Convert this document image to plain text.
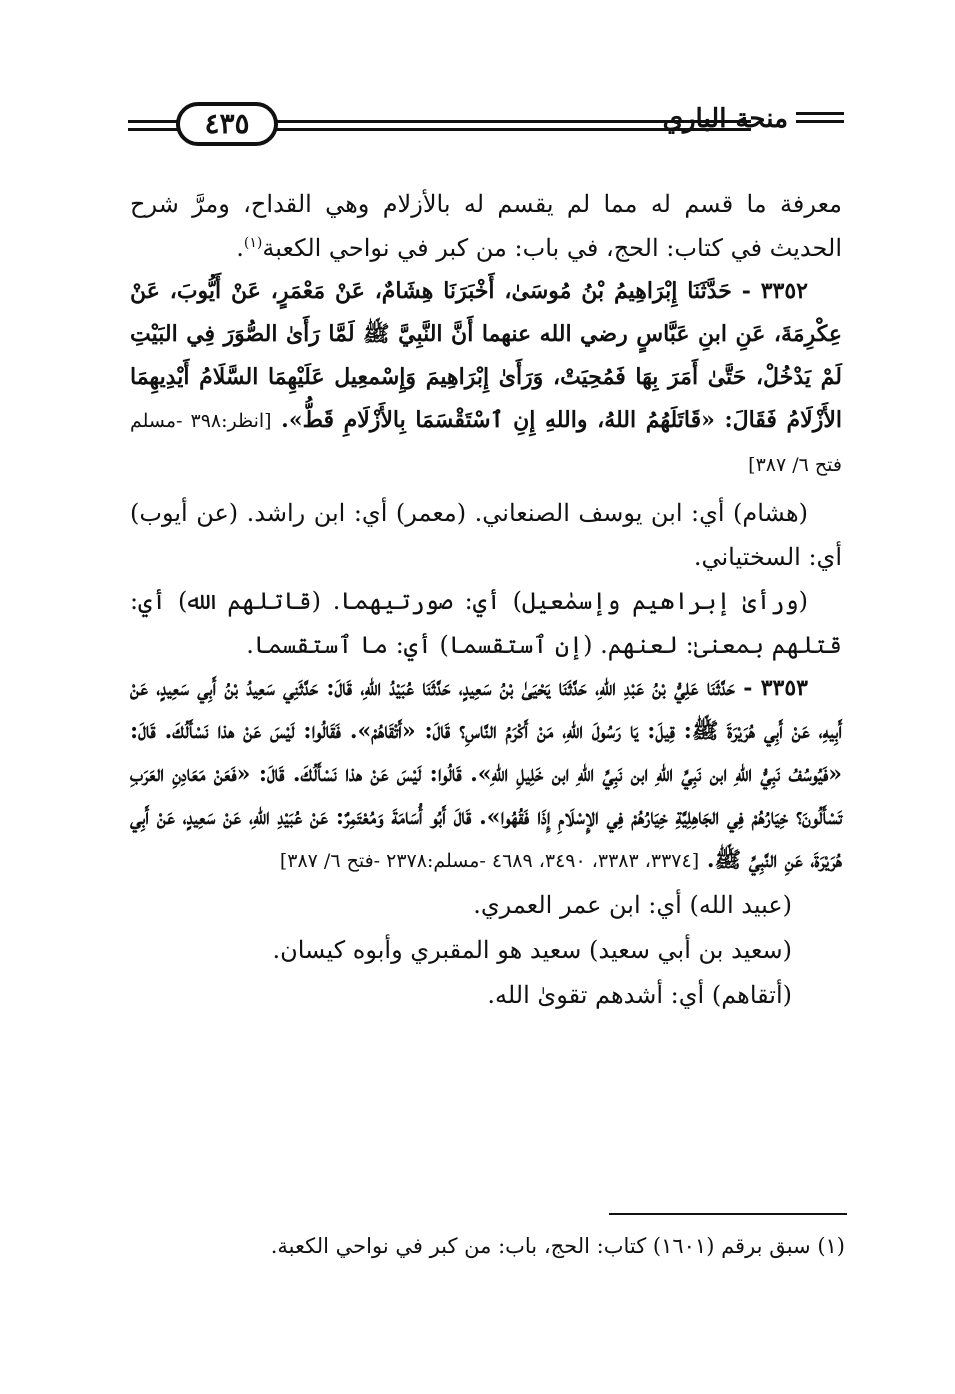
٤٣٥	منحة الباري

معرفة ما قسم له مما لم يقسم له بالأزلام وهي القداح، ومرَّ شرح الحديث في كتاب: الحج، في باب: من كبر في نواحي الكعبة$^{(١)}$.

٣٣٥٢ - حَدَّثَنَا إِبْرَاهِيمُ بْنُ مُوسَىٰ، أَخْبَرَنَا هِشَامٌ، عَنْ مَعْمَرٍ، عَنْ أَيُّوبَ، عَنْ عِكْرِمَةَ، عَنِ ابنِ عَبَّاسٍ رضي الله عنهما أَنَّ النَّبِيَّ ﷺ لَمَّا رَأَىٰ الصُّوَرَ فِي البَيْتِ لَمْ يَدْخُلْ، حَتَّىٰ أَمَرَ بِهَا فَمُحِيَتْ، وَرَأَىٰ إِبْرَاهِيمَ وَإِسْمعِيل عَلَيْهِمَا السَّلَامُ أَيْدِيهِمَا الأَزْلَامُ فَقَالَ: «قَاتَلَهُمُ اللهُ، واللهِ إِنِ ٱسْتَقْسَمَا بِالأَزْلَامِ قَطُّ». [انظر:٣٩٨ -مسلم فتح ٦/ ٣٨٧]

(هشام) أي: ابن يوسف الصنعاني. (معمر) أي: ابن راشد. (عن أيوب) أي: السختياني.

(ورأىٰ إبراهيم وإسمٰعيل) أي: صورتيهما. (قاتلهم الله) أي: قتلهم بمعنىٰ: لعنهم. (إن ٱستقسما) أي: ما ٱستقسما.

٣٣٥٣ - حَدَّثَنَا عَلِيُّ بْنُ عَبْدِ اللهِ، حَدَّثَنَا يَحْيَىٰ بْنُ سَعِيدٍ، حَدَّثَنَا عُبَيْدُ اللهِ، قَالَ: حَدَّثَنِي سَعِيدُ بْنُ أَبِي سَعِيدٍ، عَنْ أَبِيهِ، عَنْ أَبِي هُرَيْرَةَ ﷺ: قِيلَ: يَا رَسُولَ اللهِ، مَنْ أَكْرَمُ النَّاسِ؟ قَالَ: «أَتْقَاهُمْ». فَقَالُوا: لَيْسَ عَنْ هذا نَسْأَلُكَ. قَالَ: «فَيُوسُفُ نَبِيُّ اللهِ ابن نَبِيِّ اللهِ ابن نَبِيِّ اللهِ ابن خَلِيلِ اللهِ». قَالُوا: لَيْسَ عَنْ هذا نَسْأَلُكَ. قَالَ: «فَعَنْ مَعَادِنِ العَرَبِ تَسْأَلُونَ؟ خِيَارُهُمْ فِي الجَاهِلِيَّةِ خِيَارُهُمْ فِي الإِسْلَامِ إِذَا فَقُهُوا». قَالَ أَبُو أُسَامَةَ وَمُعْتَمِرٌ: عَنْ عُبَيْدِ اللهِ، عَنْ سَعِيدٍ، عَنْ أَبِي هُرَيْرَةَ، عَنِ النَّبِيِّ ﷺ. [٣٣٧٤، ٣٣٨٣، ٣٤٩٠، ٤٦٨٩ -مسلم:٢٣٧٨ -فتح ٦/ ٣٨٧]

(عبيد الله) أي: ابن عمر العمري.

(سعيد بن أبي سعيد) سعيد هو المقبري وأبوه كيسان.

(أتقاهم) أي: أشدهم تقوىٰ الله.

(١) سبق برقم (١٦٠١) كتاب: الحج، باب: من كبر في نواحي الكعبة.
